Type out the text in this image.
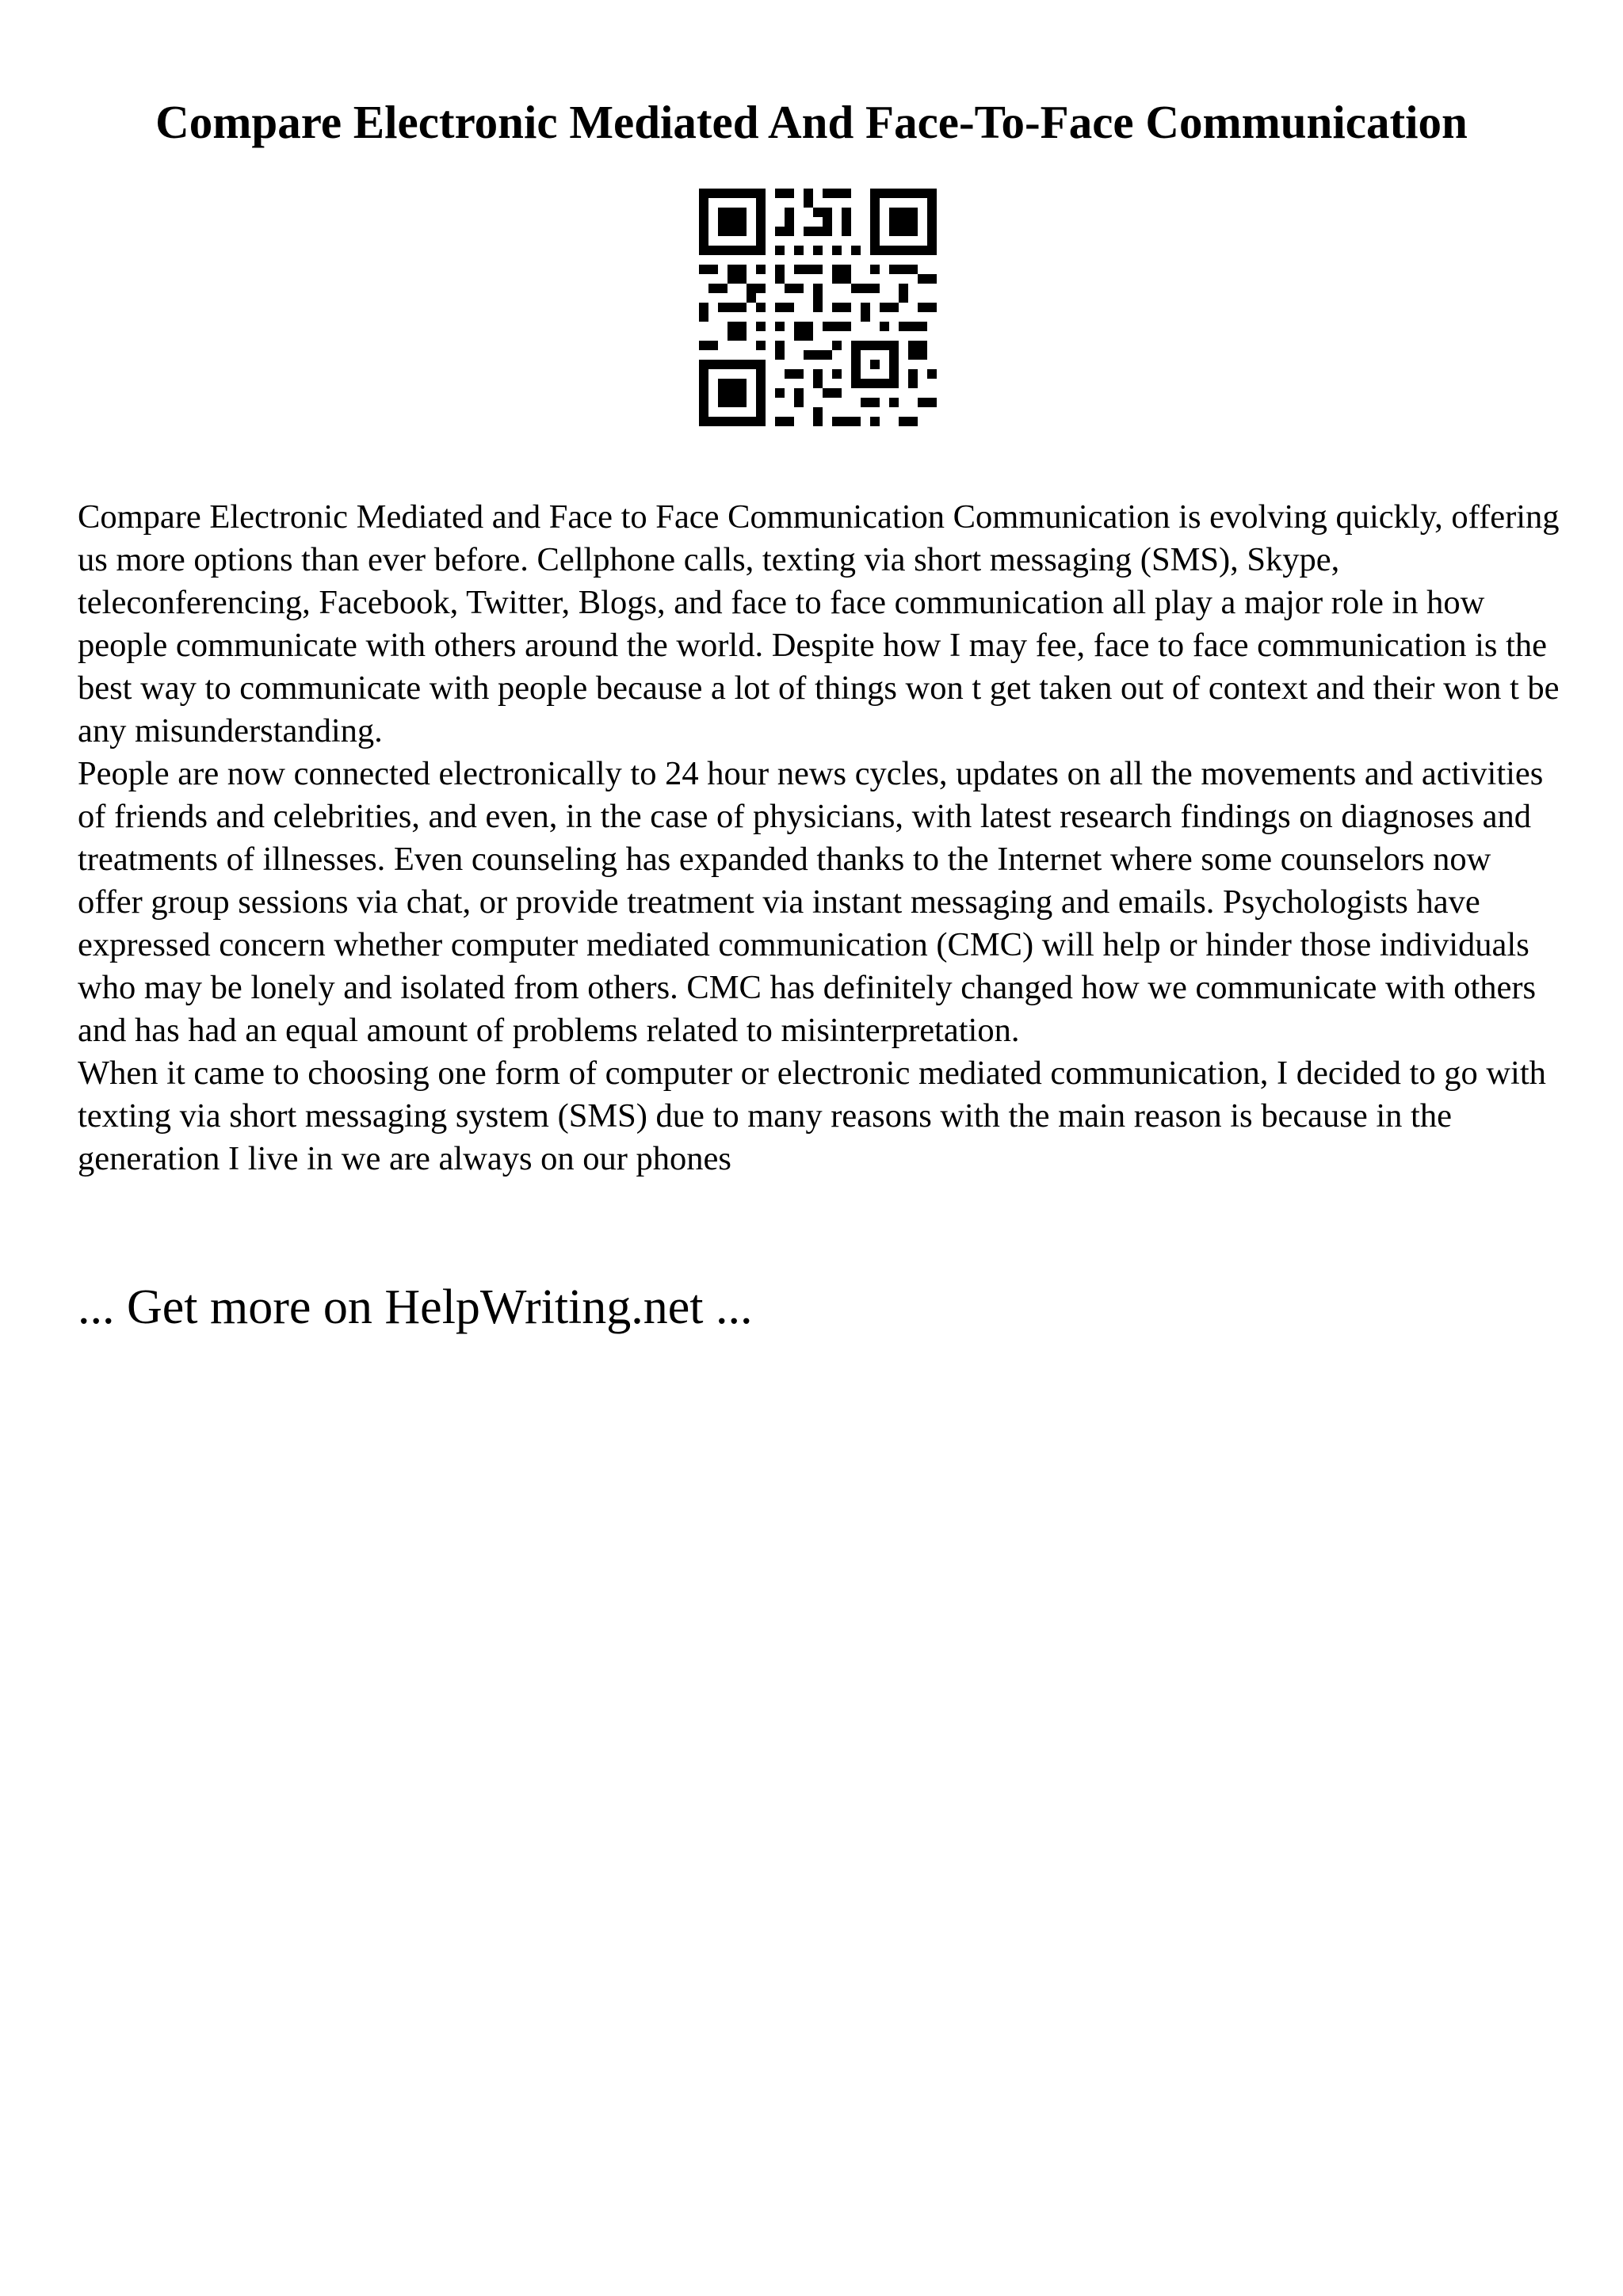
Compare Electronic Mediated And Face-To-Face Communication

Compare Electronic Mediated and Face to Face Communication Communication is evolving quickly, offering us more options than ever before. Cellphone calls, texting via short messaging (SMS), Skype, teleconferencing, Facebook, Twitter, Blogs, and face to face communication all play a major role in how people communicate with others around the world. Despite how I may fee, face to face communication is the best way to communicate with people because a lot of things won t get taken out of context and their won t be any misunderstanding.

People are now connected electronically to 24 hour news cycles, updates on all the movements and activities of friends and celebrities, and even, in the case of physicians, with latest research findings on diagnoses and treatments of illnesses. Even counseling has expanded thanks to the Internet where some counselors now offer group sessions via chat, or provide treatment via instant messaging and emails. Psychologists have expressed concern whether computer mediated communication (CMC) will help or hinder those individuals who may be lonely and isolated from others. CMC has definitely changed how we communicate with others and has had an equal amount of problems related to misinterpretation.

When it came to choosing one form of computer or electronic mediated communication, I decided to go with texting via short messaging system (SMS) due to many reasons with the main reason is because in the generation I live in we are always on our phones

... Get more on HelpWriting.net ...
